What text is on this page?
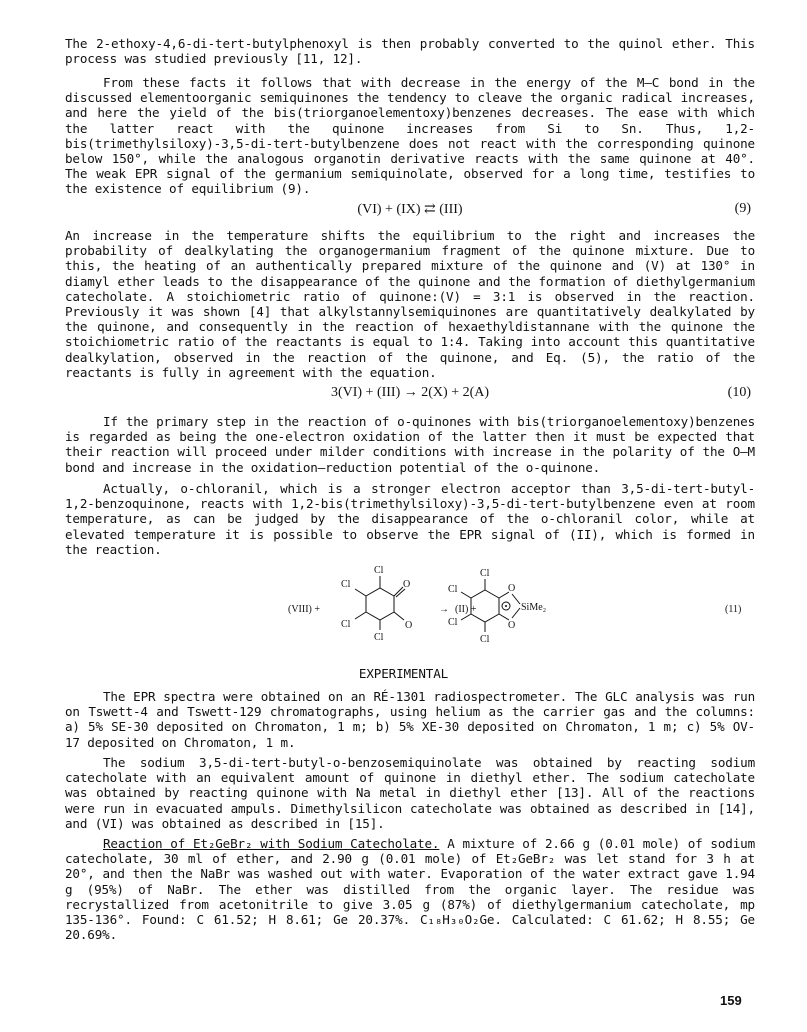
The 2-ethoxy-4,6-di-tert-butylphenoxyl is then probably converted to the quinol ether. This process was studied previously [11, 12].

From these facts it follows that with decrease in the energy of the M—C bond in the discussed elementoorganic semiquinones the tendency to cleave the organic radical increases, and here the yield of the bis(triorganoelementoxy)benzenes decreases. The ease with which the latter react with the quinone increases from Si to Sn. Thus, 1,2-bis(trimethylsiloxy)-3,5-di-tert-butylbenzene does not react with the corresponding quinone below 150°, while the analogous organotin derivative reacts with the same quinone at 40°. The weak EPR signal of the germanium semiquinolate, observed for a long time, testifies to the existence of equilibrium (9).

(VI) + (IX) ⇄ (III)	(9)

An increase in the temperature shifts the equilibrium to the right and increases the probability of dealkylating the organogermanium fragment of the quinone mixture. Due to this, the heating of an authentically prepared mixture of the quinone and (V) at 130° in diamyl ether leads to the disappearance of the quinone and the formation of diethylgermanium catecholate. A stoichiometric ratio of quinone:(V) = 3:1 is observed in the reaction. Previously it was shown [4] that alkylstannylsemiquinones are quantitatively dealkylated by the quinone, and consequently in the reaction of hexaethyldistannane with the quinone the stoichiometric ratio of the reactants is equal to 1:4. Taking into account this quantitative dealkylation, observed in the reaction of the quinone, and Eq. (5), the ratio of the reactants is fully in agreement with the equation.

3(VI) + (III) → 2(X) + 2(A)	(10)

If the primary step in the reaction of o-quinones with bis(triorganoelementoxy)benzenes is regarded as being the one-electron oxidation of the latter then it must be expected that their reaction will proceed under milder conditions with increase in the polarity of the O—M bond and increase in the oxidation–reduction potential of the o-quinone.

Actually, o-chloranil, which is a stronger electron acceptor than 3,5-di-tert-butyl-1,2-benzoquinone, reacts with 1,2-bis(trimethylsiloxy)-3,5-di-tert-butylbenzene even at room temperature, as can be judged by the disappearance of the o-chloranil color, while at elevated temperature it is possible to observe the EPR signal of (II), which is formed in the reaction.

(VIII) +
Cl
Cl	O
Cl	O
Cl
→ (II) +
Cl
Cl	O
SiMe₂
O
Cl
Cl
(11)
EXPERIMENTAL

The EPR spectra were obtained on an RÉ-1301 radiospectrometer. The GLC analysis was run on Tswett-4 and Tswett-129 chromatographs, using helium as the carrier gas and the columns: a) 5% SE-30 deposited on Chromaton, 1 m; b) 5% XE-30 deposited on Chromaton, 1 m; c) 5% OV-17 deposited on Chromaton, 1 m.

The sodium 3,5-di-tert-butyl-o-benzosemiquinolate was obtained by reacting sodium catecholate with an equivalent amount of quinone in diethyl ether. The sodium catecholate was obtained by reacting quinone with Na metal in diethyl ether [13]. All of the reactions were run in evacuated ampuls. Dimethylsilicon catecholate was obtained as described in [14], and (VI) was obtained as described in [15].

Reaction of Et₂GeBr₂ with Sodium Catecholate. A mixture of 2.66 g (0.01 mole) of sodium catecholate, 30 ml of ether, and 2.90 g (0.01 mole) of Et₂GeBr₂ was let stand for 3 h at 20°, and then the NaBr was washed out with water. Evaporation of the water extract gave 1.94 g (95%) of NaBr. The ether was distilled from the organic layer. The residue was recrystallized from acetonitrile to give 3.05 g (87%) of diethylgermanium catecholate, mp 135-136°. Found: C 61.52; H 8.61; Ge 20.37%. C₁₈H₃₀O₂Ge. Calculated: C 61.62; H 8.55; Ge 20.69%.

159
